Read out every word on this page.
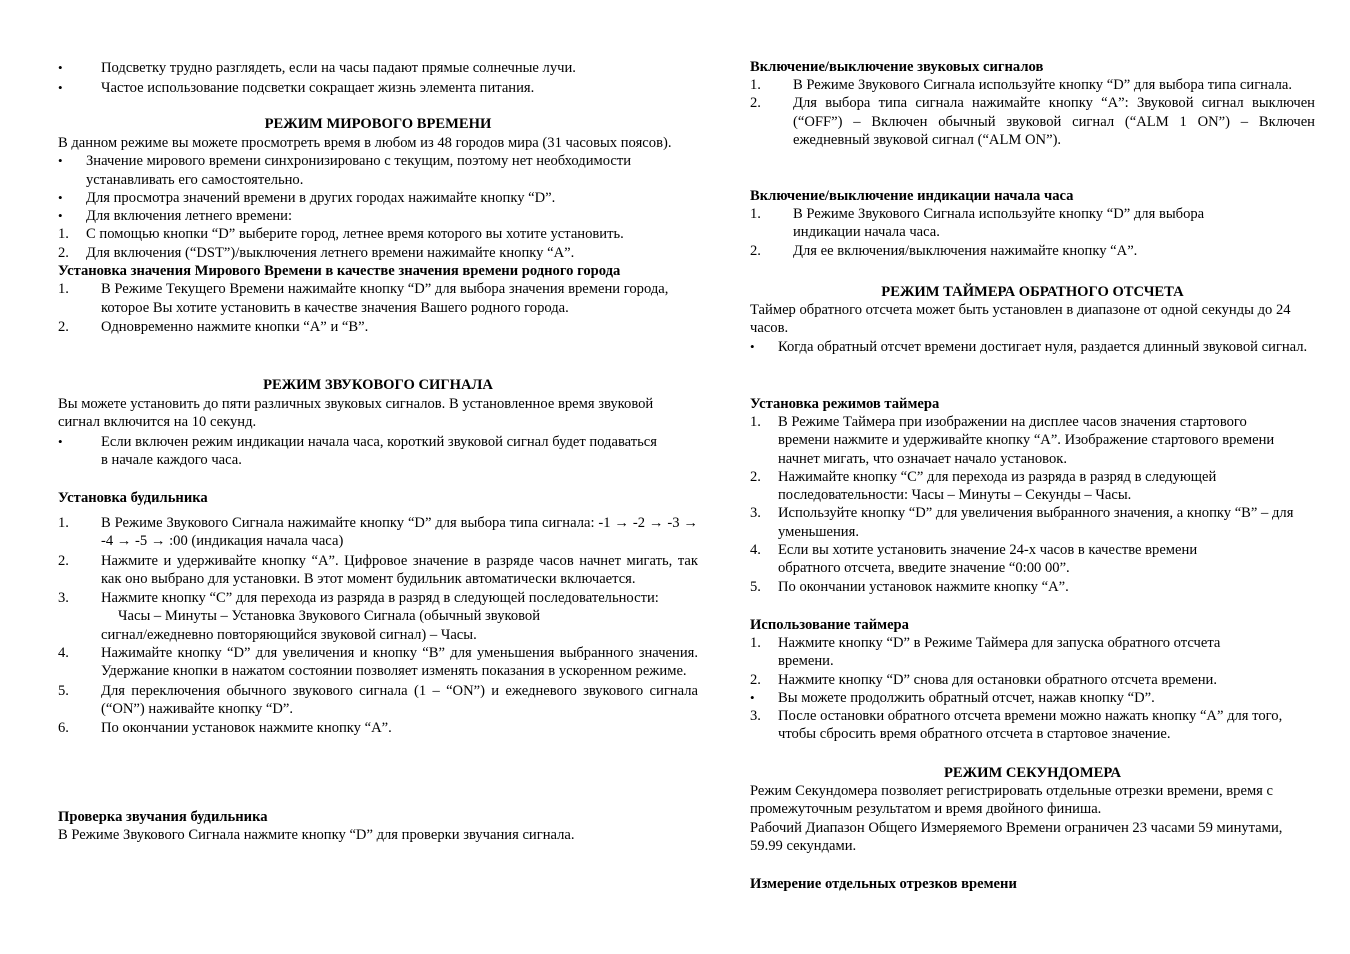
•	Подсветку трудно разглядеть, если на часы падают прямые солнечные лучи.
•	Частое использование подсветки сокращает жизнь элемента питания.
РЕЖИМ МИРОВОГО ВРЕМЕНИ

В данном режиме вы можете просмотреть время в любом из 48 городов мира (31 часовых поясов).

• Значение мирового времени синхронизировано с текущим, поэтому нет необходимости устанавливать его самостоятельно.
• Для просмотра значений времени в других городах нажимайте кнопку “D”.
• Для включения летнего времени:
1. С помощью кнопки “D” выберите город, летнее время которого вы хотите установить.
2. Для включения (“DST”)/выключения летнего времени нажимайте кнопку “A”.
Установка значения Мирового Времени в качестве значения времени родного города
1. В Режиме Текущего Времени нажимайте кнопку “D” для выбора значения времени города, которое Вы хотите установить в качестве значения Вашего родного города.
2. Одновременно нажмите кнопки “A” и “B”.
РЕЖИМ ЗВУКОВОГО СИГНАЛА

Вы можете установить до пяти различных звуковых сигналов. В установленное время звуковой сигнал включится на 10 секунд.

•	Если включен режим индикации начала часа, короткий звуковой сигнал будет подаваться в начале каждого часа.
Установка будильника
1. В Режиме Звукового Сигнала нажимайте кнопку “D” для выбора типа сигнала: -1 → -2 → -3 → -4 → -5 → :00 (индикация начала часа)
2. Нажмите и удерживайте кнопку “A”. Цифровое значение в разряде часов начнет мигать, так как оно выбрано для установки. В этот момент будильник автоматически включается.
3. Нажмите кнопку “C” для перехода из разряда в разряд в следующей последовательности:
Часы – Минуты – Установка Звукового Сигнала (обычный звуковой
сигнал/ежедневно повторяющийся звуковой сигнал) – Часы.
4. Нажимайте кнопку “D” для увеличения и кнопку “B” для уменьшения выбранного значения. Удержание кнопки в нажатом состоянии позволяет изменять показания в ускоренном режиме.
5. Для переключения обычного звукового сигнала (1 – “ON”) и ежедневого звукового сигнала (“ON”) наживайте кнопку “D”.
6. По окончании установок нажмите кнопку “A”.
Проверка звучания будильника
В Режиме Звукового Сигнала нажмите кнопку “D” для проверки звучания сигнала.
Включение/выключение звуковых сигналов
1. В Режиме Звукового Сигнала используйте кнопку “D” для выбора типа сигнала.
2. Для выбора типа сигнала нажимайте кнопку “A”: Звуковой сигнал выключен (“OFF”) – Включен обычный звуковой сигнал (“ALM 1 ON”) – Включен ежедневный звуковой сигнал (“ALM ON”).
Включение/выключение индикации начала часа
1. В Режиме Звукового Сигнала используйте кнопку “D” для выбора индикации начала часа.
2. Для ее включения/выключения нажимайте кнопку “A”.
РЕЖИМ ТАЙМЕРА ОБРАТНОГО ОТСЧЕТА

Таймер обратного отсчета может быть установлен в диапазоне от одной секунды до 24 часов.

• Когда обратный отсчет времени достигает нуля, раздается длинный звуковой сигнал.
Установка режимов таймера
1. В Режиме Таймера при изображении на дисплее часов значения стартового времени нажмите и удерживайте кнопку “A”. Изображение стартового времени начнет мигать, что означает начало установок.
2. Нажимайте кнопку “C” для перехода из разряда в разряд в следующей последовательности: Часы – Минуты – Секунды – Часы.
3. Используйте кнопку “D” для увеличения выбранного значения, а кнопку “B” – для уменьшения.
4. Если вы хотите установить значение 24-х часов в качестве времени обратного отсчета, введите значение “0:00 00”.
5. По окончании установок нажмите кнопку “A”.
Использование таймера
1. Нажмите кнопку “D” в Режиме Таймера для запуска обратного отсчета времени.
2. Нажмите кнопку “D” снова для остановки обратного отсчета времени.
• Вы можете продолжить обратный отсчет, нажав кнопку “D”.
3. После остановки обратного отсчета времени можно нажать кнопку “A” для того, чтобы сбросить время обратного отсчета в стартовое значение.
РЕЖИМ СЕКУНДОМЕРА

Режим Секундомера позволяет регистрировать отдельные отрезки времени, время с промежуточным результатом и время двойного финиша.

Рабочий Диапазон Общего Измеряемого Времени ограничен 23 часами 59 минутами, 59.99 секундами.

Измерение отдельных отрезков времени
